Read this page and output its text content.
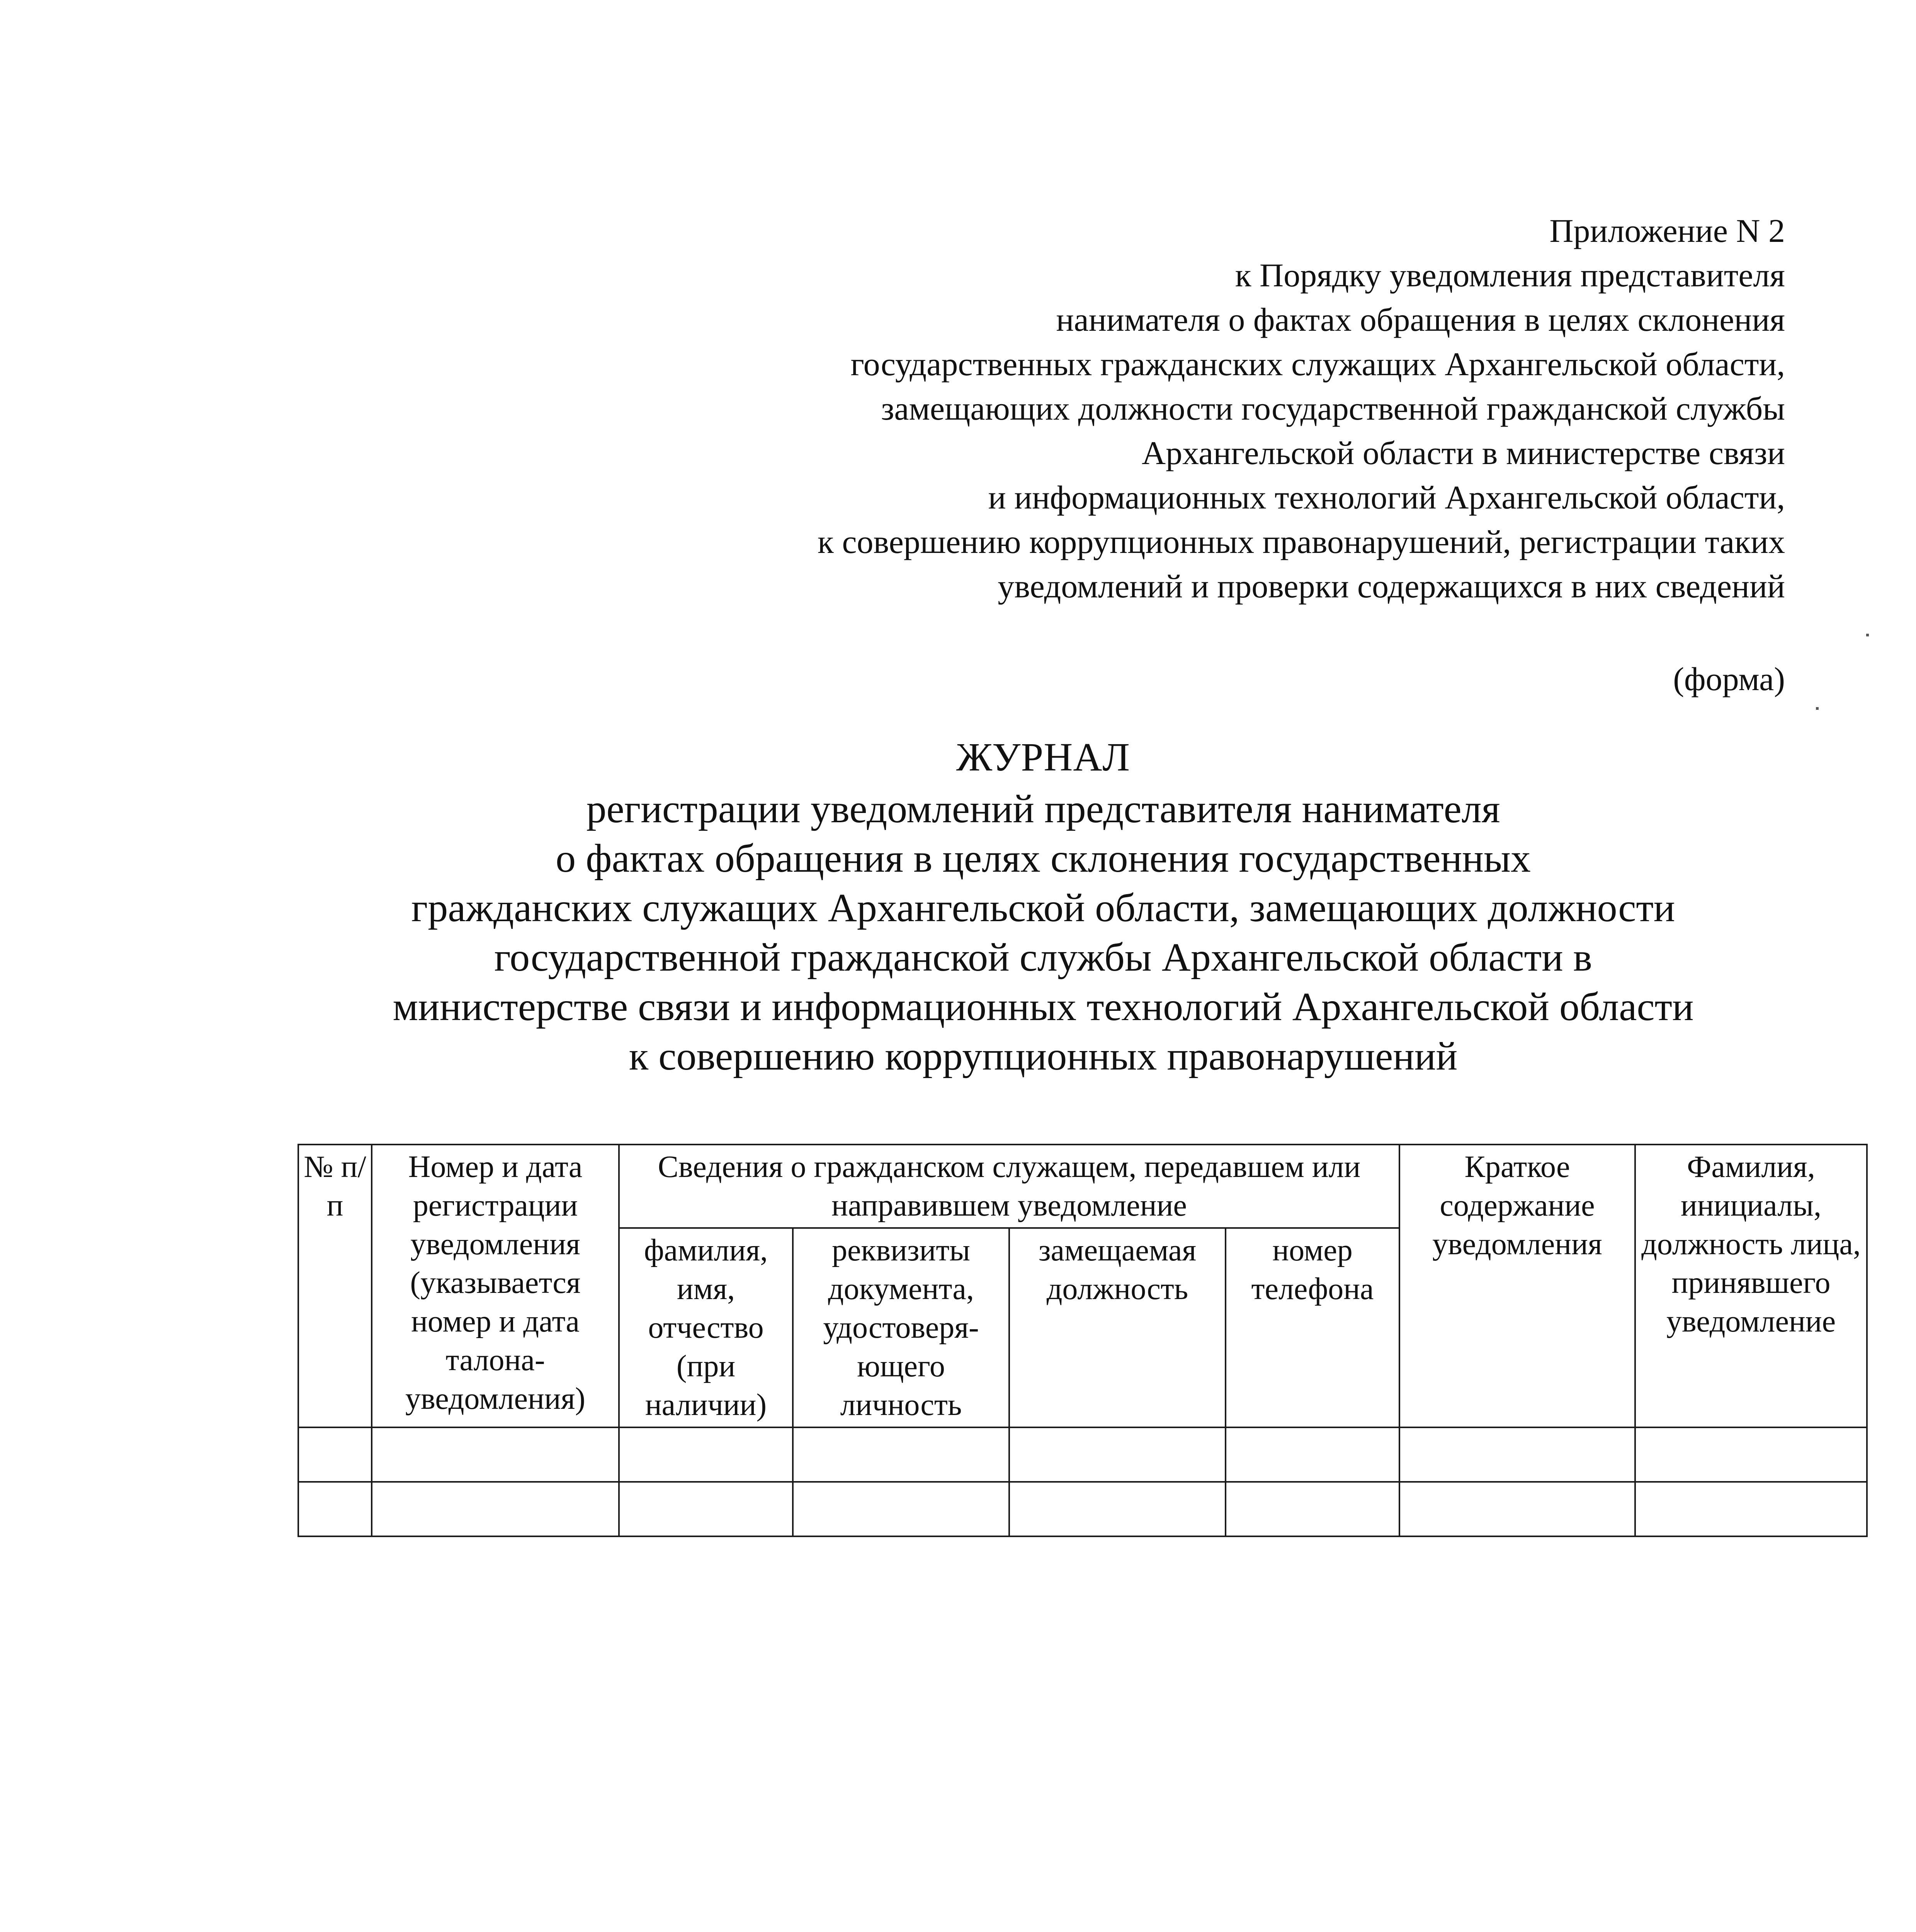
Приложение N 2
к Порядку уведомления представителя
нанимателя о фактах обращения в целях склонения
государственных гражданских служащих Архангельской области,
замещающих должности государственной гражданской службы
Архангельской области в министерстве связи
и информационных технологий Архангельской области,
к совершению коррупционных правонарушений, регистрации таких
уведомлений и проверки содержащихся в них сведений
(форма)
ЖУРНАЛ
регистрации уведомлений представителя нанимателя
о фактах обращения в целях склонения государственных
гражданских служащих Архангельской области, замещающих должности
государственной гражданской службы Архангельской области в
министерстве связи и информационных технологий Архангельской области
к совершению коррупционных правонарушений
№ п/п	Номер и дата регистрации уведомления (указывается номер и дата талона-уведомления)	Сведения о гражданском служащем, передавшем или направившем уведомление				Краткое содержание уведомления	Фамилия, инициалы, должность лица, принявшего уведомление
		фамилия, имя, отчество (при наличии)	реквизиты документа, удостоверя-ющего личность	замещаемая должность	номер телефона		
